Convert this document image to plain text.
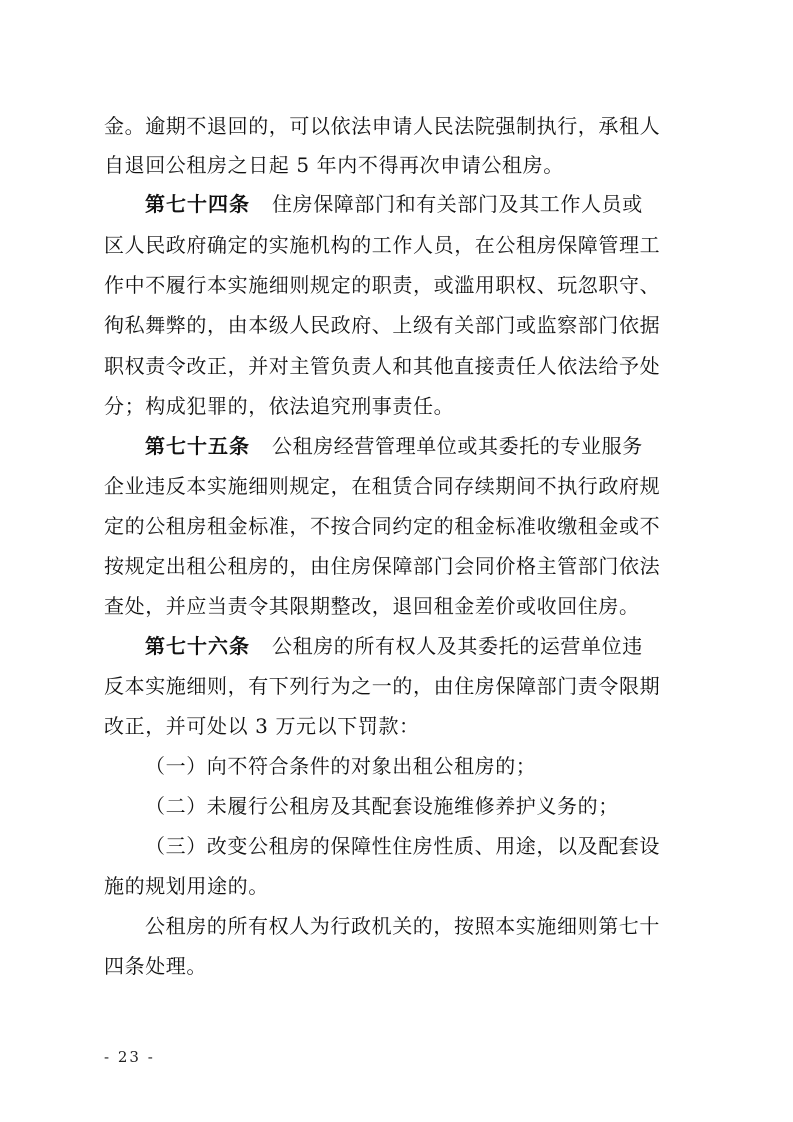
金。逾期不退回的，可以依法申请人民法院强制执行，承租人
自退回公租房之日起 5 年内不得再次申请公租房。
第七十四条 住房保障部门和有关部门及其工作人员或
区人民政府确定的实施机构的工作人员，在公租房保障管理工
作中不履行本实施细则规定的职责，或滥用职权、玩忽职守、
徇私舞弊的，由本级人民政府、上级有关部门或监察部门依据
职权责令改正，并对主管负责人和其他直接责任人依法给予处
分；构成犯罪的，依法追究刑事责任。
第七十五条 公租房经营管理单位或其委托的专业服务
企业违反本实施细则规定，在租赁合同存续期间不执行政府规
定的公租房租金标准，不按合同约定的租金标准收缴租金或不
按规定出租公租房的，由住房保障部门会同价格主管部门依法
查处，并应当责令其限期整改，退回租金差价或收回住房。
第七十六条 公租房的所有权人及其委托的运营单位违
反本实施细则，有下列行为之一的，由住房保障部门责令限期
改正，并可处以 3 万元以下罚款：
（一）向不符合条件的对象出租公租房的；
（二）未履行公租房及其配套设施维修养护义务的；
（三）改变公租房的保障性住房性质、用途，以及配套设
施的规划用途的。
公租房的所有权人为行政机关的，按照本实施细则第七十
四条处理。
- 23 -
